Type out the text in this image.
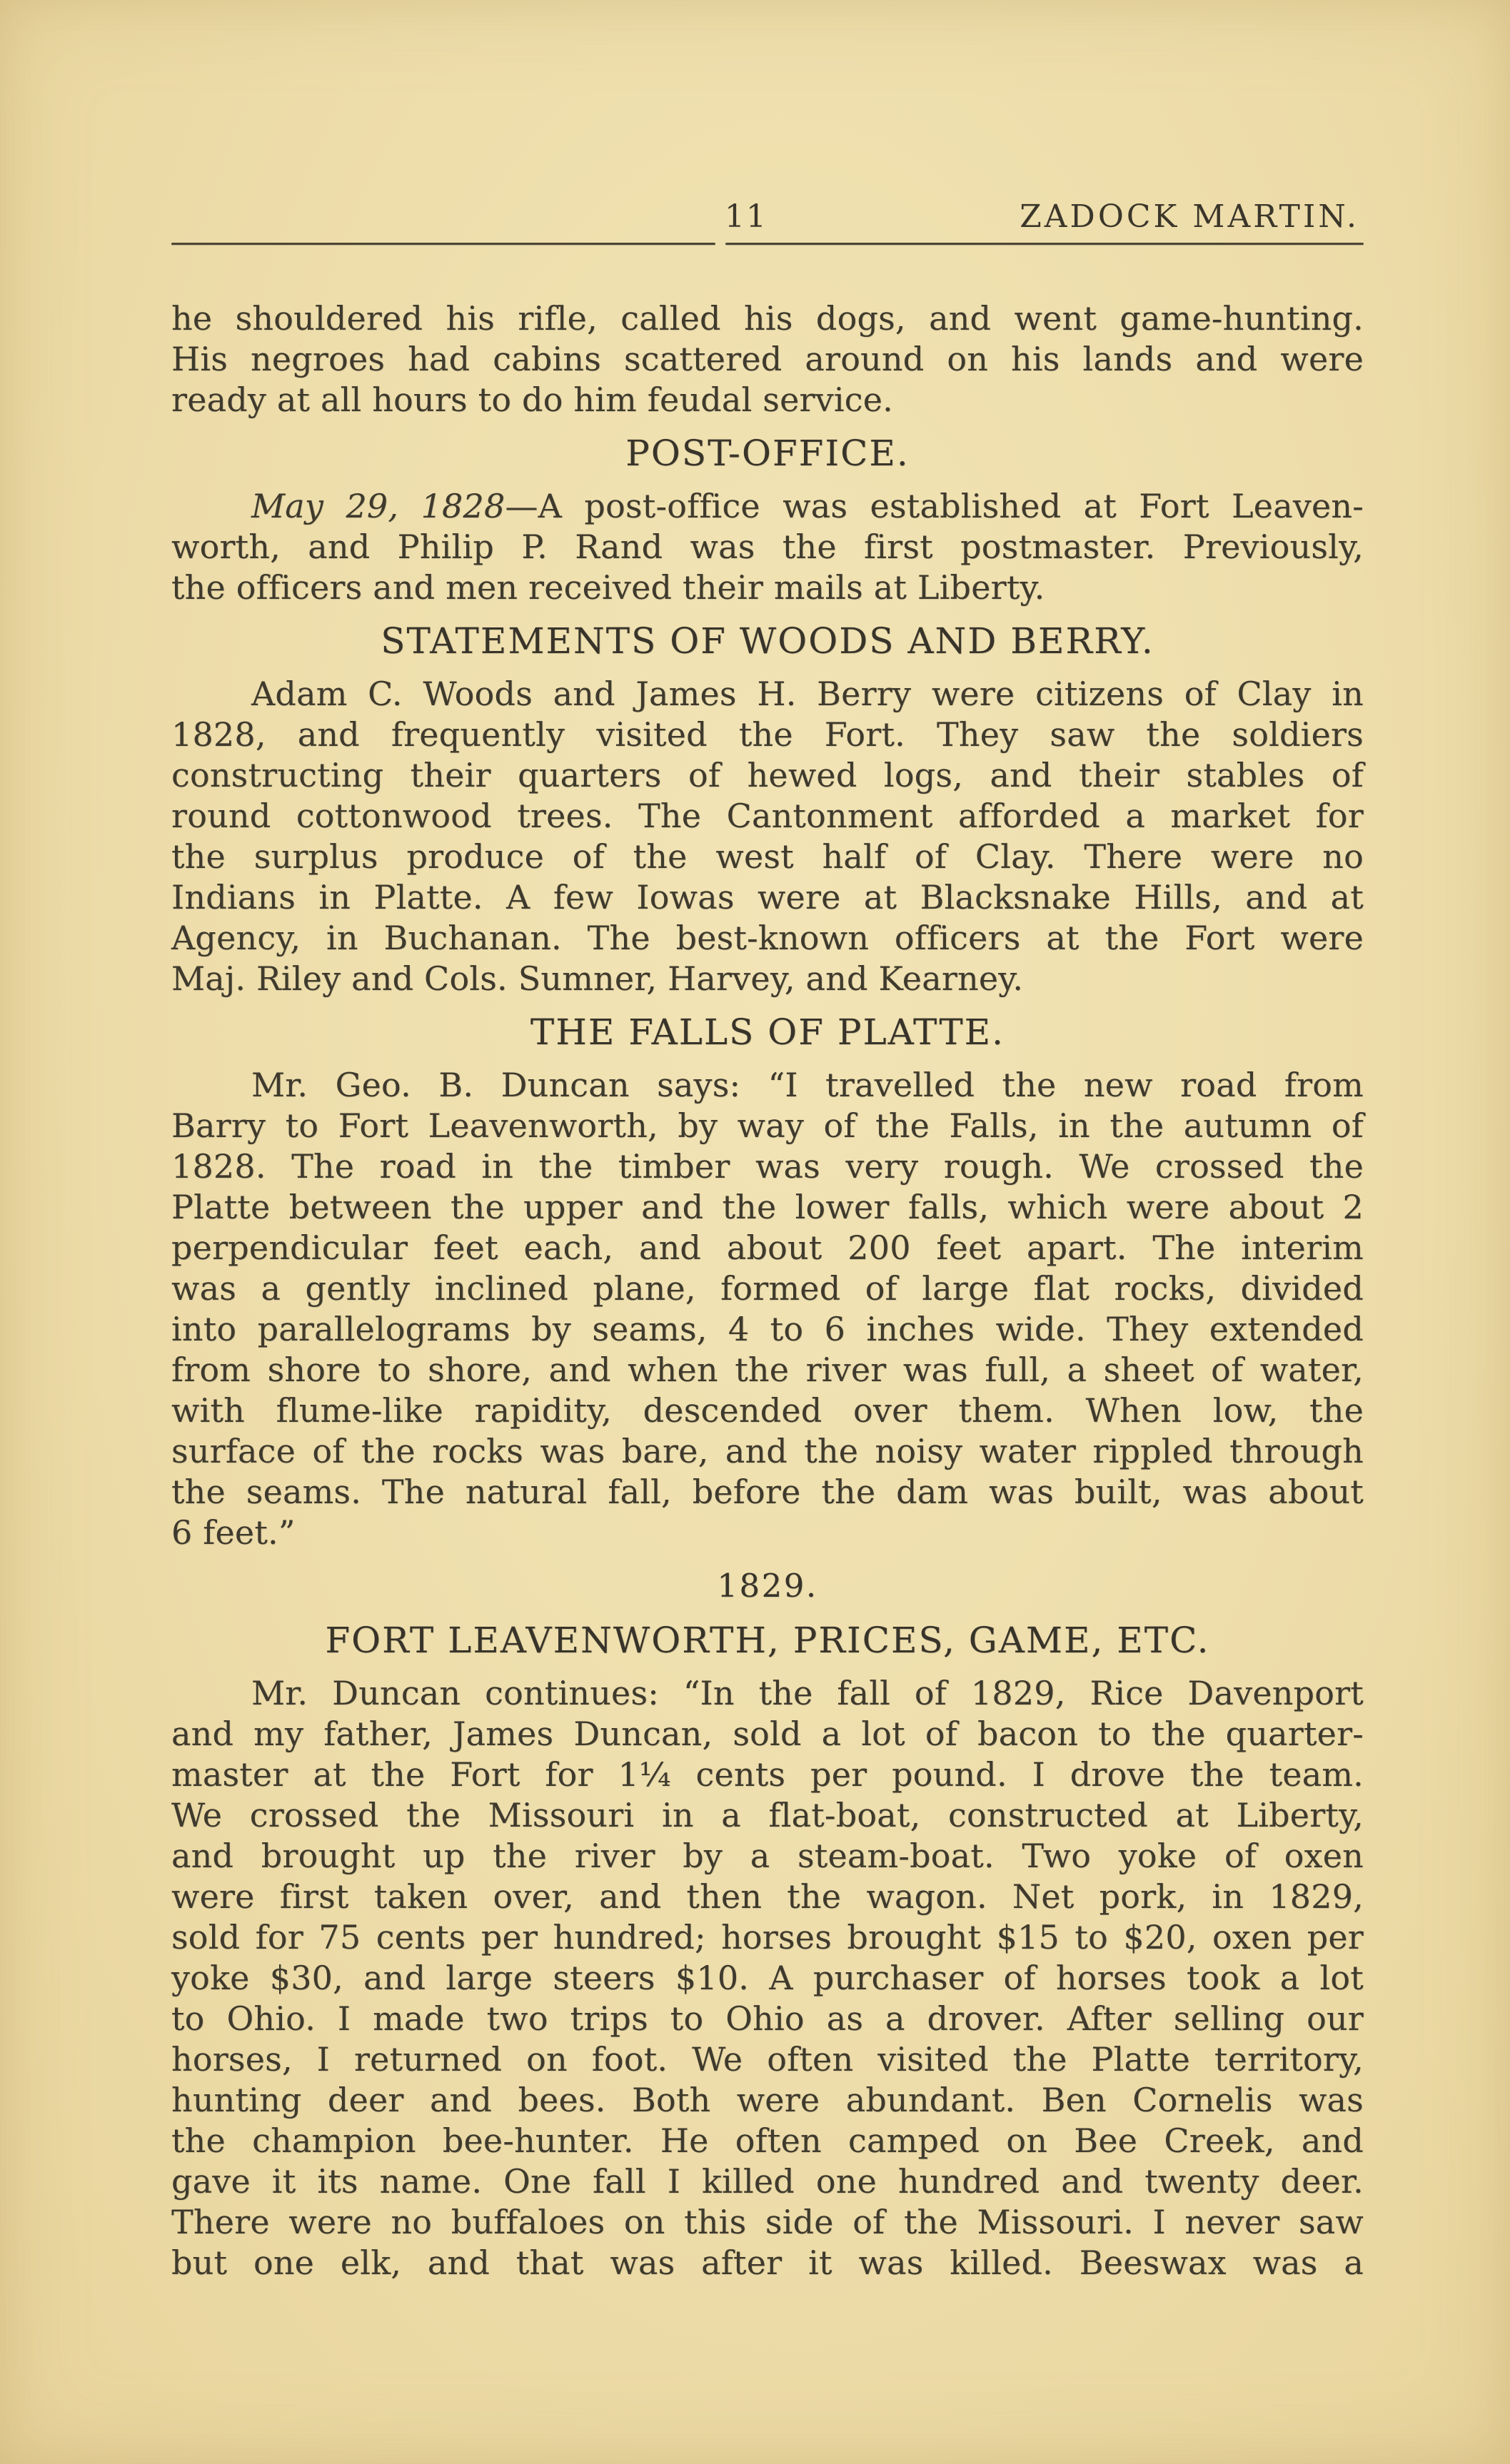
11	ZADOCK MARTIN.
he shouldered his rifle, called his dogs, and went game-hunting.
His negroes had cabins scattered around on his lands and were
ready at all hours to do him feudal service.
POST-OFFICE.
May 29, 1828—A post-office was established at Fort Leaven-
worth, and Philip P. Rand was the first postmaster. Previously,
the officers and men received their mails at Liberty.
STATEMENTS OF WOODS AND BERRY.
Adam C. Woods and James H. Berry were citizens of Clay in
1828, and frequently visited the Fort. They saw the soldiers
constructing their quarters of hewed logs, and their stables of
round cottonwood trees. The Cantonment afforded a market for
the surplus produce of the west half of Clay. There were no
Indians in Platte. A few Iowas were at Blacksnake Hills, and at
Agency, in Buchanan. The best-known officers at the Fort were
Maj. Riley and Cols. Sumner, Harvey, and Kearney.
THE FALLS OF PLATTE.
Mr. Geo. B. Duncan says: “I travelled the new road from
Barry to Fort Leavenworth, by way of the Falls, in the autumn of
1828. The road in the timber was very rough. We crossed the
Platte between the upper and the lower falls, which were about 2
perpendicular feet each, and about 200 feet apart. The interim
was a gently inclined plane, formed of large flat rocks, divided
into parallelograms by seams, 4 to 6 inches wide. They extended
from shore to shore, and when the river was full, a sheet of water,
with flume-like rapidity, descended over them. When low, the
surface of the rocks was bare, and the noisy water rippled through
the seams. The natural fall, before the dam was built, was about
6 feet.”
1829.
FORT LEAVENWORTH, PRICES, GAME, ETC.
Mr. Duncan continues: “In the fall of 1829, Rice Davenport
and my father, James Duncan, sold a lot of bacon to the quarter-
master at the Fort for 1¼ cents per pound. I drove the team.
We crossed the Missouri in a flat-boat, constructed at Liberty,
and brought up the river by a steam-boat. Two yoke of oxen
were first taken over, and then the wagon. Net pork, in 1829,
sold for 75 cents per hundred; horses brought $15 to $20, oxen per
yoke $30, and large steers $10. A purchaser of horses took a lot
to Ohio. I made two trips to Ohio as a drover. After selling our
horses, I returned on foot. We often visited the Platte territory,
hunting deer and bees. Both were abundant. Ben Cornelis was
the champion bee-hunter. He often camped on Bee Creek, and
gave it its name. One fall I killed one hundred and twenty deer.
There were no buffaloes on this side of the Missouri. I never saw
but one elk, and that was after it was killed. Beeswax was a
